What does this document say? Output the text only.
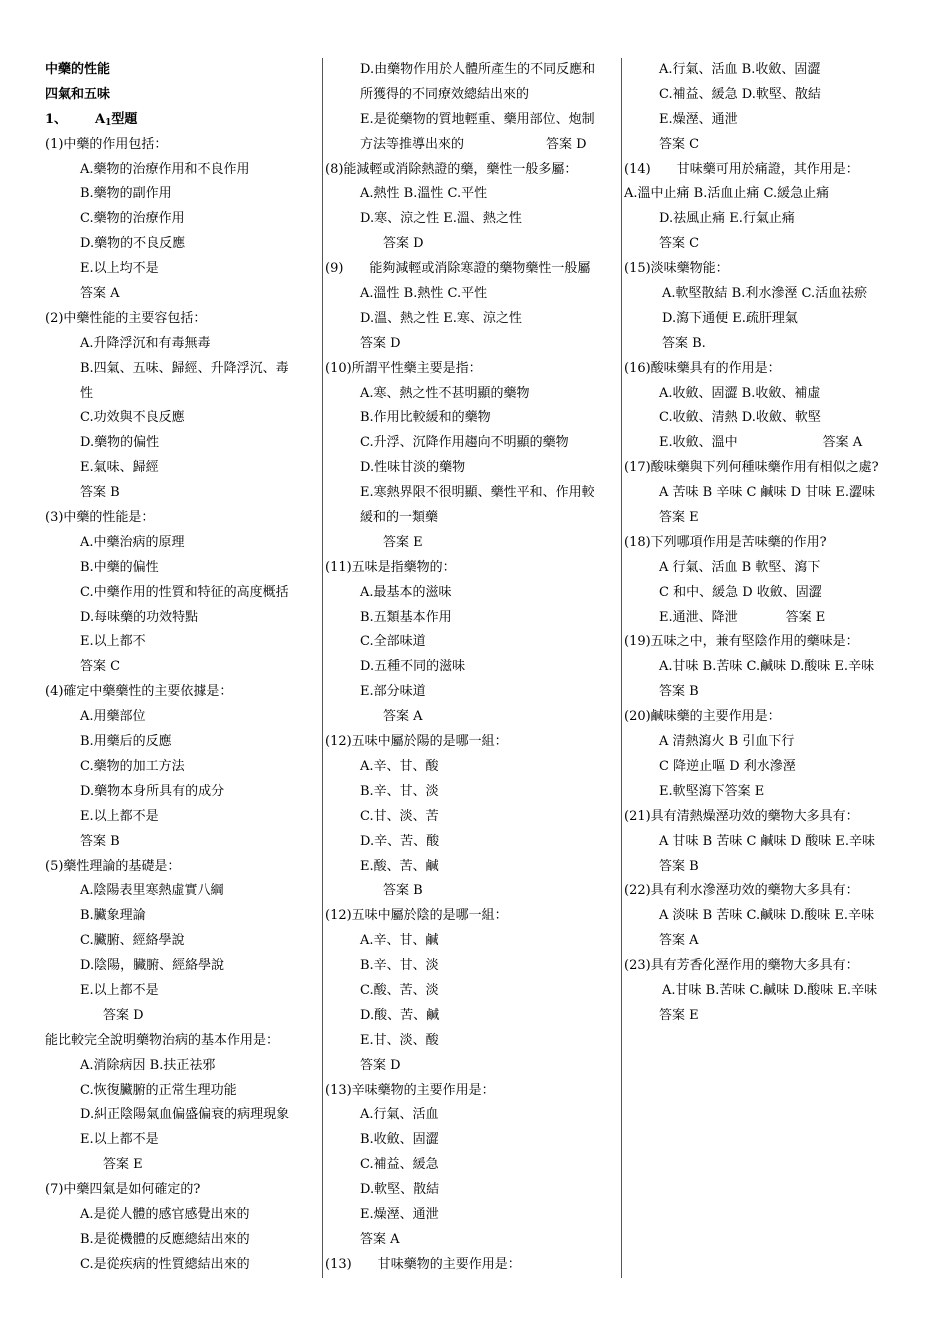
中藥的性能
四氣和五味
1、 $A_1$型題
(1)中藥的作用包括：
A.藥物的治療作用和不良作用
B.藥物的副作用
C.藥物的治療作用
D.藥物的不良反應
E.以上均不是
答案 A
(2)中藥性能的主要容包括：
A.升降浮沉和有毒無毒
B.四氣、五味、歸經、升降浮沉、毒
性
C.功效與不良反應
D.藥物的偏性
E.氣味、歸經
答案 B
(3)中藥的性能是：
A.中藥治病的原理
B.中藥的偏性
C.中藥作用的性質和特征的高度概括
D.每味藥的功效特點
E.以上都不
答案 C
(4)確定中藥藥性的主要依據是：
A.用藥部位
B.用藥后的反應
C.藥物的加工方法
D.藥物本身所具有的成分
E.以上都不是
答案 B
(5)藥性理論的基礎是：
A.陰陽表里寒熱虛實八綱
B.臟象理論
C.臟腑、經絡學說
D.陰陽，臟腑、經絡學說
E.以上都不是
答案 D
能比較完全說明藥物治病的基本作用是：
A.消除病因 B.扶正祛邪
C.恢復臟腑的正常生理功能
D.糾正陰陽氣血偏盛偏衰的病理現象
E.以上都不是
答案 E
(7)中藥四氣是如何確定的?
A.是從人體的感官感覺出來的
B.是從機體的反應總結出來的
C.是從疾病的性質總結出來的
D.由藥物作用於人體所產生的不同反應和
所獲得的不同療效總結出來的
E.是從藥物的質地輕重、藥用部位、炮制
方法等推導出來的	答案 D
(8)能減輕或消除熱證的藥，藥性一般多屬：
A.熱性 B.溫性 C.平性
D.寒、涼之性 E.溫、熱之性
答案 D
(9) 能夠減輕或消除寒證的藥物藥性一般屬
A.溫性 B.熱性 C.平性
D.溫、熱之性 E.寒、涼之性
答案 D
(10)所謂平性藥主要是指：
A.寒、熱之性不甚明顯的藥物
B.作用比較緩和的藥物
C.升浮、沉降作用趨向不明顯的藥物
D.性味甘淡的藥物
E.寒熱界限不很明顯、藥性平和、作用較
緩和的一類藥
答案 E
(11)五味是指藥物的：
A.最基本的滋味
B.五類基本作用
C.全部味道
D.五種不同的滋味
E.部分味道
答案 A
(12)五味中屬於陽的是哪一組：
A.辛、甘、酸
B.辛、甘、淡
C.甘、淡、苦
D.辛、苦、酸
E.酸、苦、鹹
答案 B
(12)五味中屬於陰的是哪一組：
A.辛、甘、鹹
B.辛、甘、淡
C.酸、苦、淡
D.酸、苦、鹹
E.甘、淡、酸
答案 D
(13)辛味藥物的主要作用是：
A.行氣、活血
B.收斂、固澀
C.補益、緩急
D.軟堅、散結
E.燥溼、通泄
答案 A
(13) 甘味藥物的主要作用是：
A.行氣、活血 B.收斂、固澀
C.補益、緩急 D.軟堅、散結
E.燥溼、通泄
答案 C
(14) 甘味藥可用於痛證，其作用是：
A.溫中止痛 B.活血止痛 C.緩急止痛
D.祛風止痛 E.行氣止痛
答案 C
(15)淡味藥物能：
A.軟堅散結 B.利水滲溼 C.活血祛瘀
D.瀉下通便 E.疏肝理氣
答案 B.
(16)酸味藥具有的作用是：
A.收斂、固澀 B.收斂、補虛
C.收斂、清熱 D.收斂、軟堅
E.收斂、溫中	答案 A
(17)酸味藥與下列何種味藥作用有相似之處?
A 苦味 B 辛味 C 鹹味 D 甘味 E.澀味
答案 E
(18)下列哪項作用是苦味藥的作用?
A 行氣、活血 B 軟堅、瀉下
C 和中、緩急 D 收斂、固澀
E.通泄、降泄	答案 E
(19)五味之中，兼有堅陰作用的藥味是：
A.甘味 B.苦味 C.鹹味 D.酸味 E.辛味
答案 B
(20)鹹味藥的主要作用是：
A 清熱瀉火 B 引血下行
C 降逆止嘔 D 利水滲溼
E.軟堅瀉下答案 E
(21)具有清熱燥溼功效的藥物大多具有：
A 甘味 B 苦味 C 鹹味 D 酸味 E.辛味
答案 B
(22)具有利水滲溼功效的藥物大多具有：
A 淡味 B 苦味 C.鹹味 D.酸味 E.辛味
答案 A
(23)具有芳香化溼作用的藥物大多具有：
A.甘味 B.苦味 C.鹹味 D.酸味 E.辛味
答案 E
